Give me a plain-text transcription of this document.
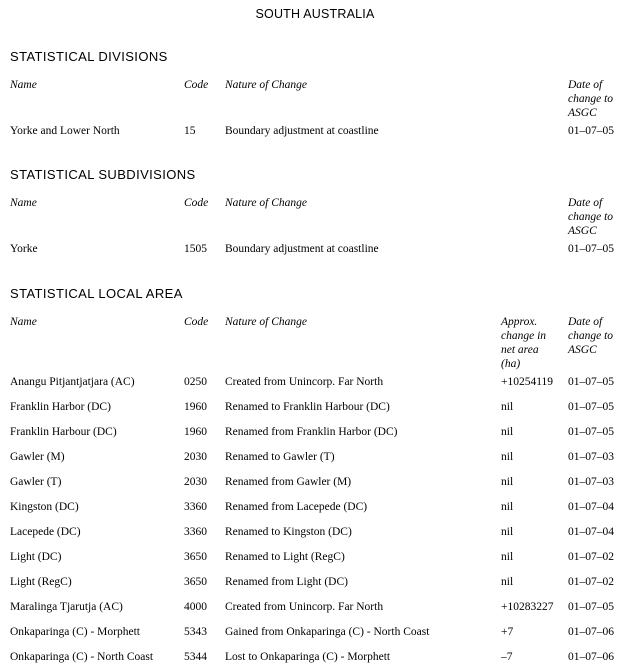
SOUTH AUSTRALIA
STATISTICAL DIVISIONS
Name	Code	Nature of Change	Date of change to ASGC
Yorke and Lower North	15	Boundary adjustment at coastline	01–07–05
STATISTICAL SUBDIVISIONS
Name	Code	Nature of Change	Date of change to ASGC
Yorke	1505	Boundary adjustment at coastline	01–07–05
STATISTICAL LOCAL AREA
Name	Code	Nature of Change	Approx. change in net area (ha)	Date of change to ASGC
Anangu Pitjantjatjara (AC)	0250	Created from Unincorp. Far North	+10254119	01–07–05
Franklin Harbor (DC)	1960	Renamed to Franklin Harbour (DC)	nil	01–07–05
Franklin Harbour (DC)	1960	Renamed from Franklin Harbor (DC)	nil	01–07–05
Gawler (M)	2030	Renamed to Gawler (T)	nil	01–07–03
Gawler (T)	2030	Renamed from Gawler (M)	nil	01–07–03
Kingston (DC)	3360	Renamed from Lacepede (DC)	nil	01–07–04
Lacepede (DC)	3360	Renamed to Kingston (DC)	nil	01–07–04
Light (DC)	3650	Renamed to Light (RegC)	nil	01–07–02
Light (RegC)	3650	Renamed from Light (DC)	nil	01–07–02
Maralinga Tjarutja (AC)	4000	Created from Unincorp. Far North	+10283227	01–07–05
Onkaparinga (C) - Morphett	5343	Gained from Onkaparinga (C) - North Coast	+7	01–07–06
Onkaparinga (C) - North Coast	5344	Lost to Onkaparinga (C) - Morphett	–7	01–07–06
